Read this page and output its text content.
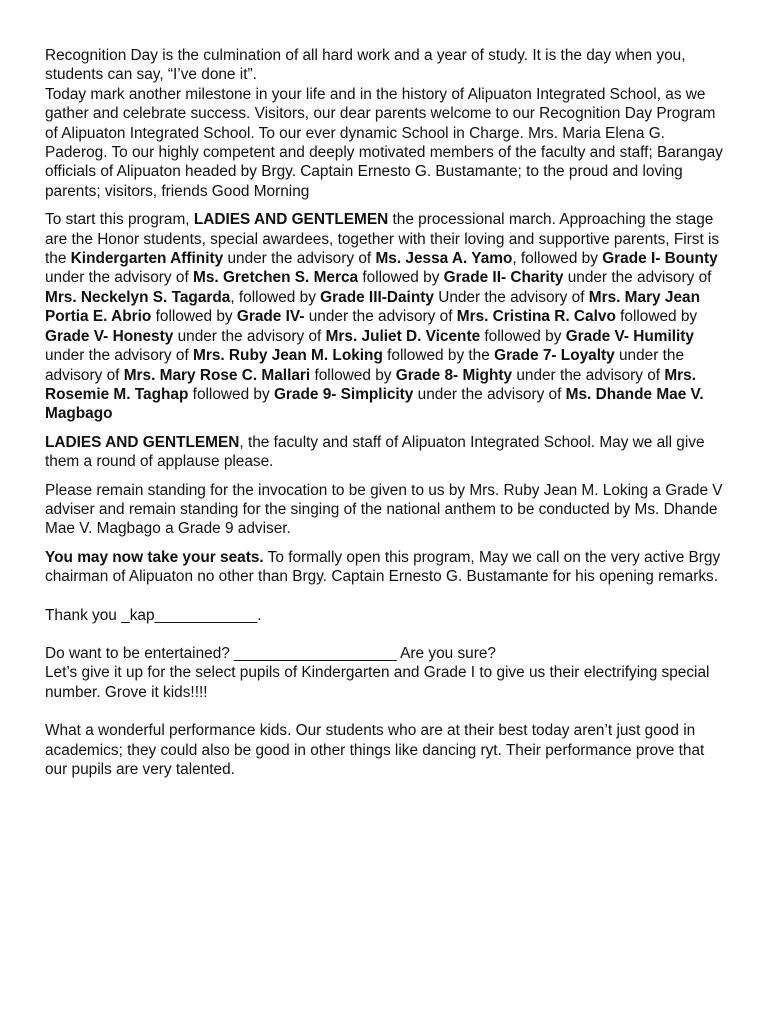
Recognition Day is the culmination of all hard work and a year of study. It is the day when you, students can say, “I’ve done it”.
Today mark another milestone in your life and in the history of Alipuaton Integrated School, as we gather and celebrate success. Visitors, our dear parents welcome to our Recognition Day Program of Alipuaton Integrated School. To our ever dynamic School in Charge. Mrs. Maria Elena G. Paderog. To our highly competent and deeply motivated members of the faculty and staff; Barangay officials of Alipuaton headed by Brgy. Captain Ernesto G. Bustamante; to the proud and loving parents; visitors, friends Good Morning

To start this program, LADIES AND GENTLEMEN the processional march. Approaching the stage are the Honor students, special awardees, together with their loving and supportive parents, First is the Kindergarten Affinity under the advisory of Ms. Jessa A. Yamo, followed by Grade I- Bounty under the advisory of Ms. Gretchen S. Merca followed by Grade II- Charity under the advisory of Mrs. Neckelyn S. Tagarda, followed by Grade III-Dainty Under the advisory of Mrs. Mary Jean Portia E. Abrio followed by Grade IV- under the advisory of Mrs. Cristina R. Calvo followed by Grade V- Honesty under the advisory of Mrs. Juliet D. Vicente followed by Grade V- Humility under the advisory of Mrs. Ruby Jean M. Loking followed by the Grade 7- Loyalty under the advisory of Mrs. Mary Rose C. Mallari followed by Grade 8- Mighty under the advisory of Mrs. Rosemie M. Taghap followed by Grade 9- Simplicity under the advisory of Ms. Dhande Mae V. Magbago

LADIES AND GENTLEMEN, the faculty and staff of Alipuaton Integrated School. May we all give them a round of applause please.

Please remain standing for the invocation to be given to us by Mrs. Ruby Jean M. Loking a Grade V adviser and remain standing for the singing of the national anthem to be conducted by Ms. Dhande Mae V. Magbago a Grade 9 adviser.

You may now take your seats. To formally open this program, May we call on the very active Brgy chairman of Alipuaton no other than Brgy. Captain Ernesto G. Bustamante for his opening remarks.

Thank you _kap____________.

Do want to be entertained? ___________________ Are you sure?
Let’s give it up for the select pupils of Kindergarten and Grade I to give us their electrifying special number. Grove it kids!!!!

What a wonderful performance kids. Our students who are at their best today aren’t just good in academics; they could also be good in other things like dancing ryt. Their performance prove that our pupils are very talented.
